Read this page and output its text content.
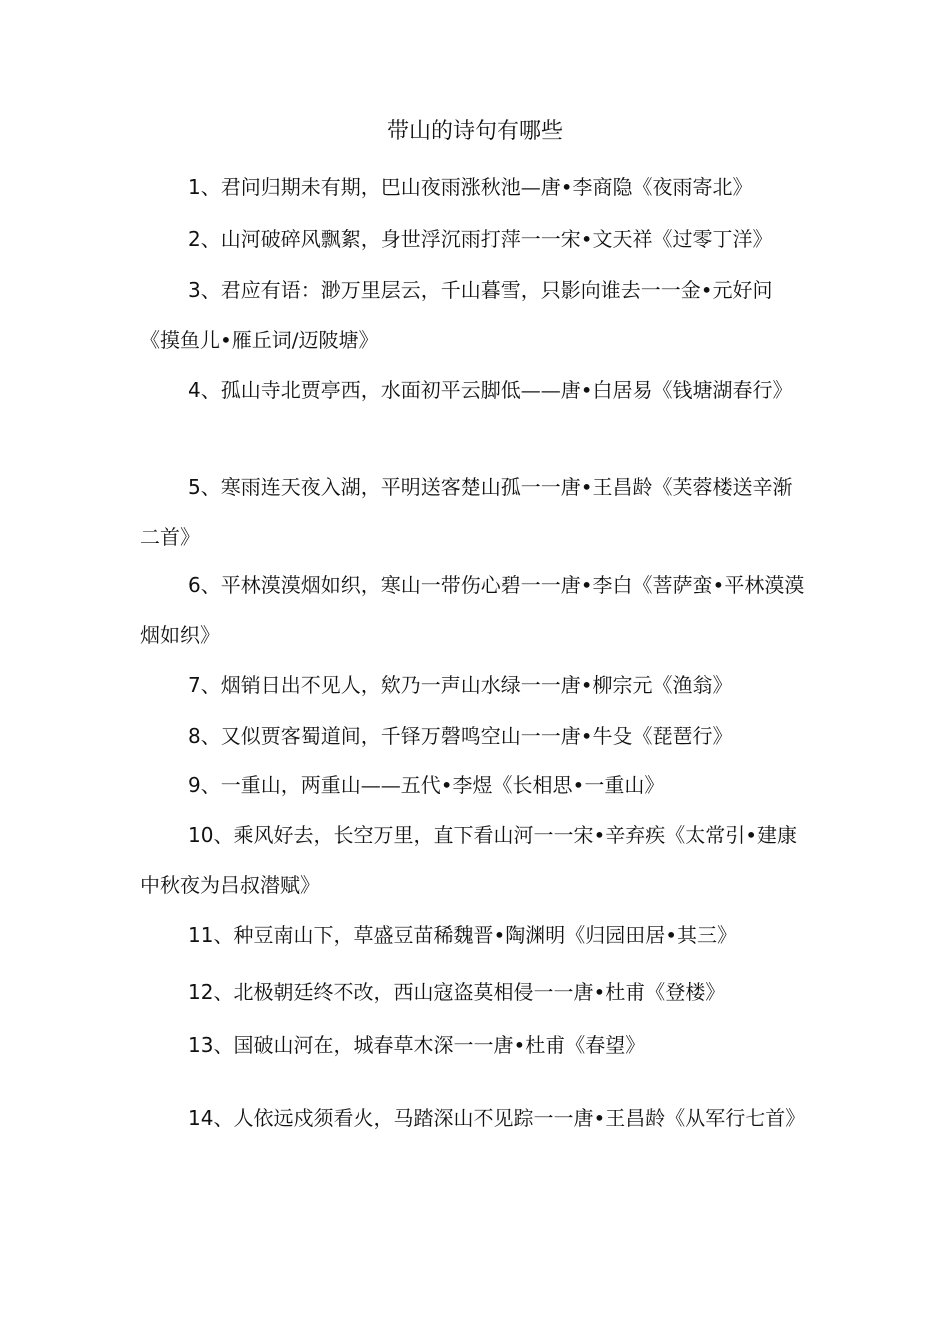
带山的诗句有哪些
1、君问归期未有期，巴山夜雨涨秋池—唐•李商隐《夜雨寄北》
2、山河破碎风飘絮，身世浮沉雨打萍一一宋•文天祥《过零丁洋》
3、君应有语：渺万里层云，千山暮雪，只影向谁去一一金•元好问《摸鱼儿•雁丘词/迈陂塘》
4、孤山寺北贾亭西，水面初平云脚低——唐•白居易《钱塘湖春行》
5、寒雨连天夜入湖，平明送客楚山孤一一唐•王昌龄《芙蓉楼送辛渐二首》
6、平林漠漠烟如织，寒山一带伤心碧一一唐•李白《菩萨蛮•平林漠漠烟如织》
7、烟销日出不见人，欸乃一声山水绿一一唐•柳宗元《渔翁》
8、又似贾客蜀道间，千铎万磬鸣空山一一唐•牛殳《琵琶行》
9、一重山，两重山——五代•李煜《长相思•一重山》
10、乘风好去，长空万里，直下看山河一一宋•辛弃疾《太常引•建康中秋夜为吕叔潜赋》
11、种豆南山下，草盛豆苗稀魏晋•陶渊明《归园田居•其三》
12、北极朝廷终不改，西山寇盗莫相侵一一唐•杜甫《登楼》
13、国破山河在，城春草木深一一唐•杜甫《春望》
14、人依远戍须看火，马踏深山不见踪一一唐•王昌龄《从军行七首》
